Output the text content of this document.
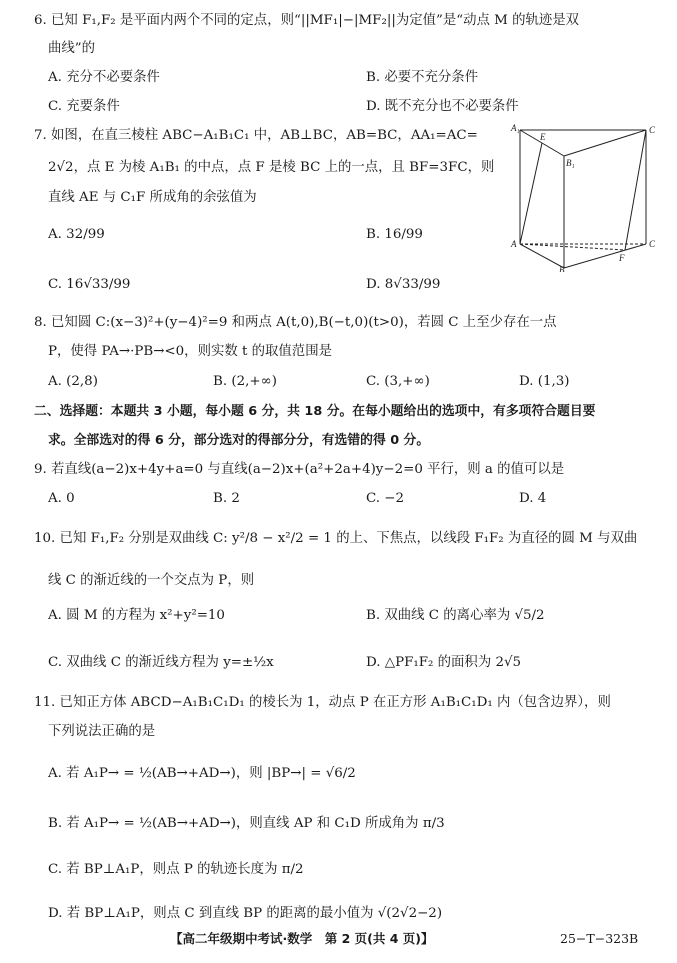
6. 已知 F₁,F₂ 是平面内两个不同的定点，则“||MF₁|−|MF₂||为定值”是“动点 M 的轨迹是双
曲线”的
A. 充分不必要条件	B. 必要不充分条件
C. 充要条件	D. 既不充分也不必要条件
7. 如图，在直三棱柱 ABC−A₁B₁C₁ 中，AB⊥BC，AB=BC，AA₁=AC=
2√2，点 E 为棱 A₁B₁ 的中点，点 F 是棱 BC 上的一点，且 BF=3FC，则
直线 AE 与 C₁F 所成角的余弦值为
A. 32/99	B. 16/99
C. 16√33/99	D. 8√33/99
A₁
E
C
B₁
A	C
F
B
8. 已知圆 C:(x−3)²+(y−4)²=9 和两点 A(t,0),B(−t,0)(t>0)，若圆 C 上至少存在一点
P，使得 PA→·PB→<0，则实数 t 的取值范围是
A. (2,8)	B. (2,+∞)	C. (3,+∞)	D. (1,3)
二、选择题：本题共 3 小题，每小题 6 分，共 18 分。在每小题给出的选项中，有多项符合题目要
求。全部选对的得 6 分，部分选对的得部分分，有选错的得 0 分。
9. 若直线(a−2)x+4y+a=0 与直线(a−2)x+(a²+2a+4)y−2=0 平行，则 a 的值可以是
A. 0	B. 2	C. −2	D. 4
10. 已知 F₁,F₂ 分别是双曲线 C: y²/8 − x²/2 = 1 的上、下焦点，以线段 F₁F₂ 为直径的圆 M 与双曲
线 C 的渐近线的一个交点为 P，则
A. 圆 M 的方程为 x²+y²=10	B. 双曲线 C 的离心率为 √5/2
C. 双曲线 C 的渐近线方程为 y=±½x	D. △PF₁F₂ 的面积为 2√5
11. 已知正方体 ABCD−A₁B₁C₁D₁ 的棱长为 1，动点 P 在正方形 A₁B₁C₁D₁ 内（包含边界），则
下列说法正确的是
A. 若 A₁P→ = ½(AB→+AD→)，则 |BP→| = √6/2
B. 若 A₁P→ = ½(AB→+AD→)，则直线 AP 和 C₁D 所成角为 π/3
C. 若 BP⊥A₁P，则点 P 的轨迹长度为 π/2
D. 若 BP⊥A₁P，则点 C 到直线 BP 的距离的最小值为 √(2√2−2)
【高二年级期中考试·数学　第 2 页(共 4 页)】	25−T−323B
